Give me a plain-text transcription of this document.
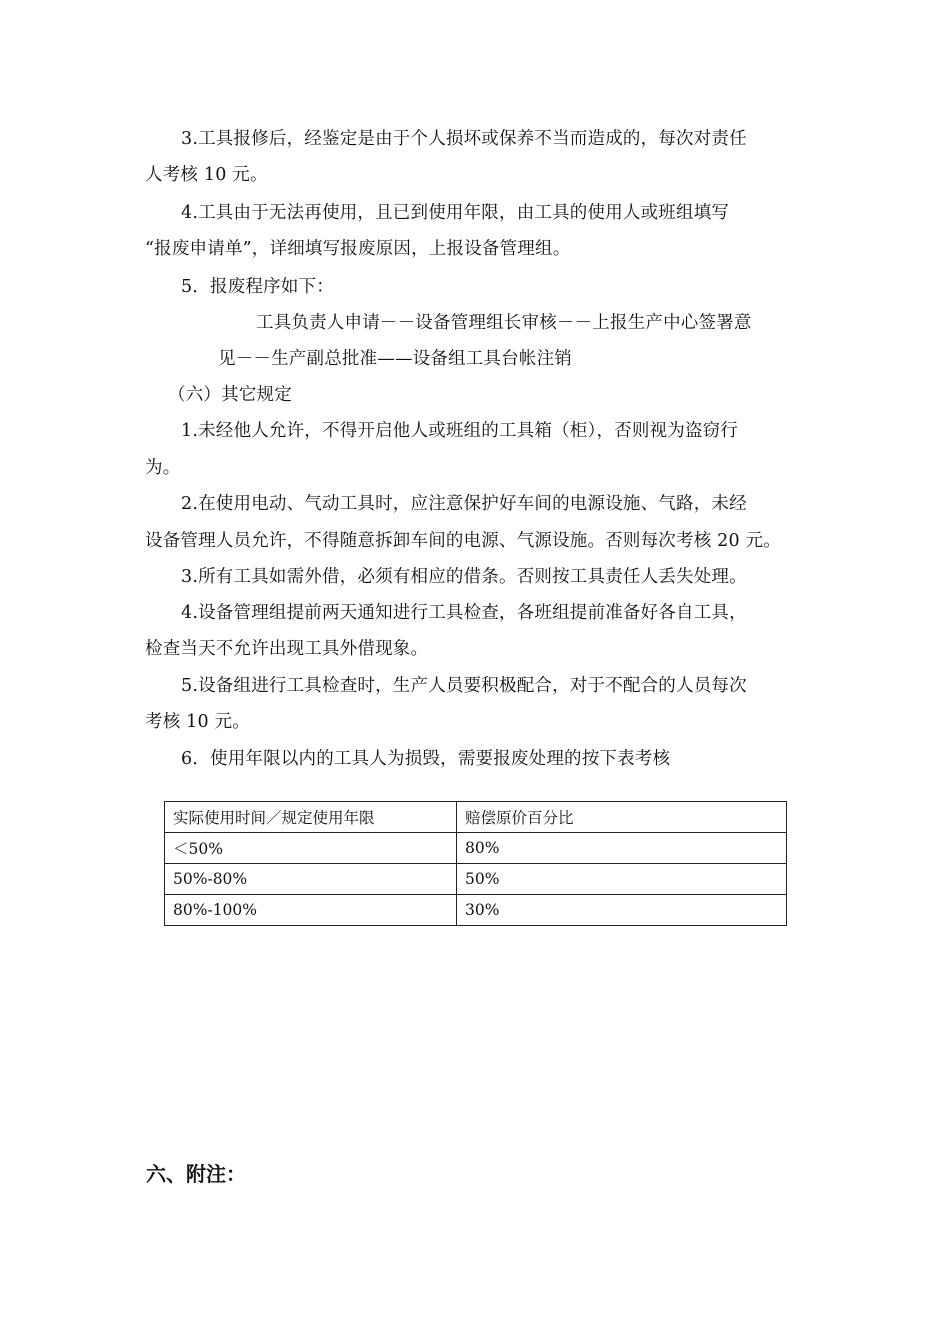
3.工具报修后，经鉴定是由于个人损坏或保养不当而造成的，每次对责任
人考核 10 元。
4.工具由于无法再使用，且已到使用年限，由工具的使用人或班组填写
“报废申请单”，详细填写报废原因，上报设备管理组。
5．报废程序如下：
工具负责人申请－－设备管理组长审核－－上报生产中心签署意
见－－生产副总批准——设备组工具台帐注销
（六）其它规定
1.未经他人允许，不得开启他人或班组的工具箱（柜），否则视为盗窃行
为。
2.在使用电动、气动工具时，应注意保护好车间的电源设施、气路，未经
设备管理人员允许，不得随意拆卸车间的电源、气源设施。否则每次考核 20 元。
3.所有工具如需外借，必须有相应的借条。否则按工具责任人丢失处理。
4.设备管理组提前两天通知进行工具检查，各班组提前准备好各自工具，
检查当天不允许出现工具外借现象。
5.设备组进行工具检查时，生产人员要积极配合，对于不配合的人员每次
考核 10 元。
6．使用年限以内的工具人为损毁，需要报废处理的按下表考核
实际使用时间／规定使用年限	赔偿原价百分比
＜50%	80%
50%-80%	50%
80%-100%	30%
六、附注：
